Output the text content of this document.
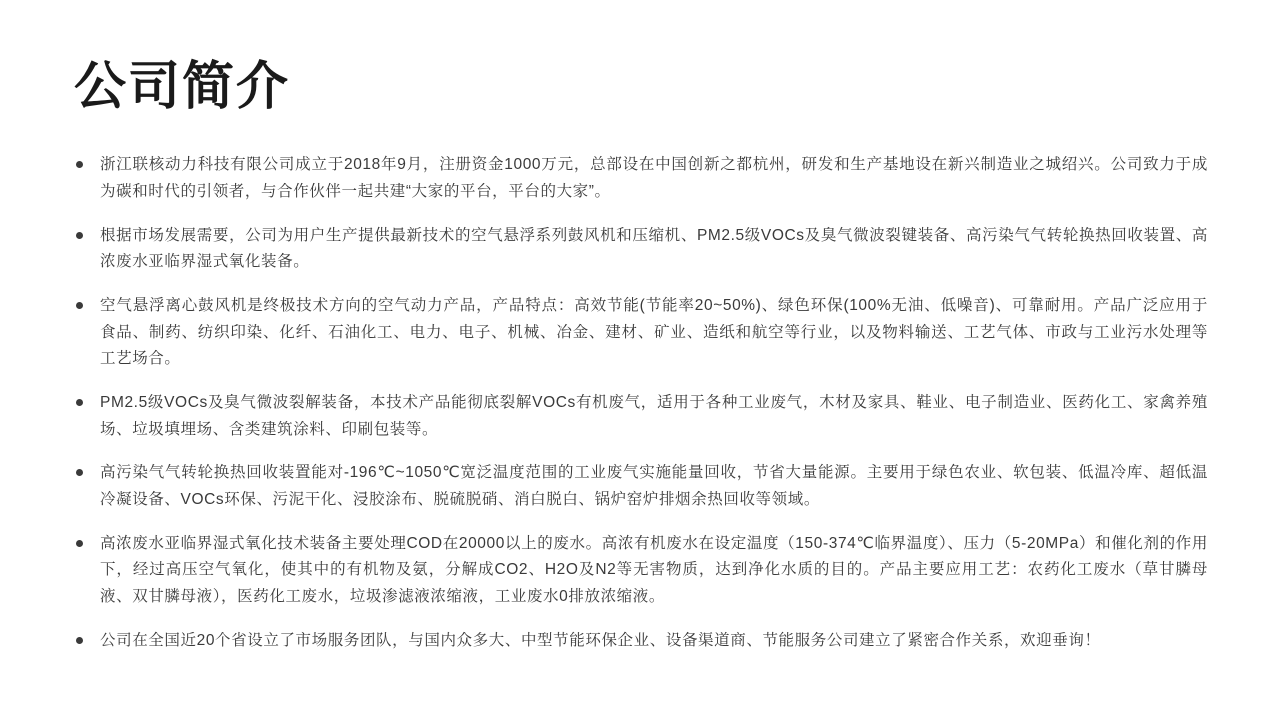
公司简介
浙江联核动力科技有限公司成立于2018年9月，注册资金1000万元，总部设在中国创新之都杭州，研发和生产基地设在新兴制造业之城绍兴。公司致力于成为碳和时代的引领者，与合作伙伴一起共建“大家的平台，平台的大家”。
根据市场发展需要，公司为用户生产提供最新技术的空气悬浮系列鼓风机和压缩机、PM2.5级VOCs及臭气微波裂键装备、高污染气气转轮换热回收装置、高浓废水亚临界湿式氧化装备。
空气悬浮离心鼓风机是终极技术方向的空气动力产品，产品特点：高效节能(节能率20~50%)、绿色环保(100%无油、低噪音)、可靠耐用。产品广泛应用于食品、制药、纺织印染、化纤、石油化工、电力、电子、机械、冶金、建材、矿业、造纸和航空等行业，以及物料输送、工艺气体、市政与工业污水处理等工艺场合。
PM2.5级VOCs及臭气微波裂解装备，本技术产品能彻底裂解VOCs有机废气，适用于各种工业废气，木材及家具、鞋业、电子制造业、医药化工、家禽养殖场、垃圾填埋场、含类建筑涂料、印刷包装等。
高污染气气转轮换热回收装置能对-196℃~1050℃宽泛温度范围的工业废气实施能量回收，节省大量能源。主要用于绿色农业、软包装、低温冷库、超低温冷凝设备、VOCs环保、污泥干化、浸胶涂布、脱硫脱硝、消白脱白、锅炉窑炉排烟余热回收等领域。
高浓废水亚临界湿式氧化技术装备主要处理COD在20000以上的废水。高浓有机废水在设定温度（150-374℃临界温度）、压力（5-20MPa）和催化剂的作用下，经过高压空气氧化，使其中的有机物及氨，分解成CO2、H2O及N2等无害物质，达到净化水质的目的。产品主要应用工艺：农药化工废水（草甘膦母液、双甘膦母液），医药化工废水，垃圾渗滤液浓缩液，工业废水0排放浓缩液。
公司在全国近20个省设立了市场服务团队，与国内众多大、中型节能环保企业、设备渠道商、节能服务公司建立了紧密合作关系，欢迎垂询！
